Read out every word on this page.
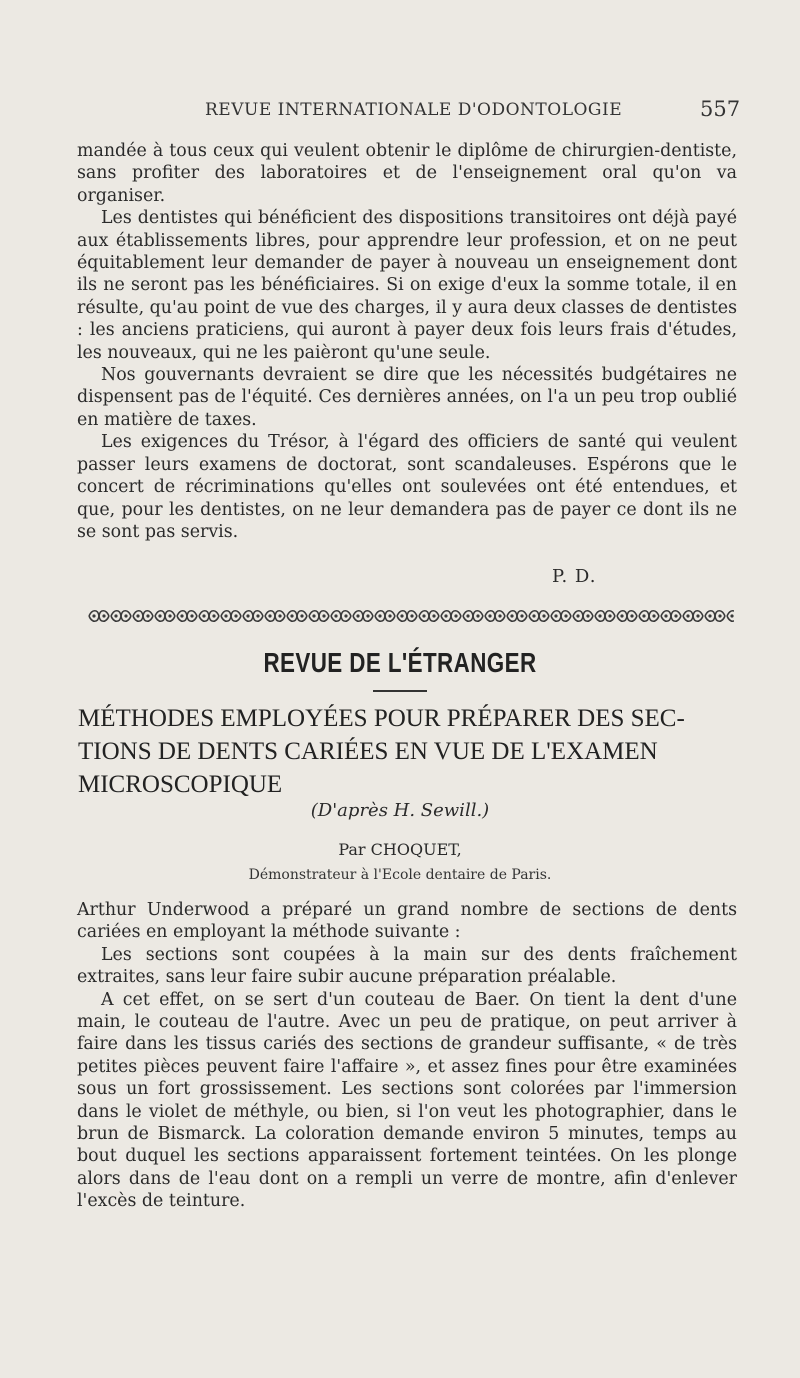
REVUE INTERNATIONALE D'ODONTOLOGIE	557

mandée à tous ceux qui veulent obtenir le diplôme de chirurgien-dentiste, sans profiter des laboratoires et de l'enseignement oral qu'on va organiser.

Les dentistes qui bénéficient des dispositions transitoires ont déjà payé aux établissements libres, pour apprendre leur profession, et on ne peut équitablement leur demander de payer à nouveau un enseignement dont ils ne seront pas les bénéficiaires. Si on exige d'eux la somme totale, il en résulte, qu'au point de vue des charges, il y aura deux classes de dentistes : les anciens praticiens, qui auront à payer deux fois leurs frais d'études, les nouveaux, qui ne les paièront qu'une seule.

Nos gouvernants devraient se dire que les nécessités budgétaires ne dispensent pas de l'équité. Ces dernières années, on l'a un peu trop oublié en matière de taxes.

Les exigences du Trésor, à l'égard des officiers de santé qui veulent passer leurs examens de doctorat, sont scandaleuses. Espérons que le concert de récriminations qu'elles ont soulevées ont été entendues, et que, pour les dentistes, on ne leur demandera pas de payer ce dont ils ne se sont pas servis.

P. D.
REVUE DE L'ÉTRANGER
MÉTHODES EMPLOYÉES POUR PRÉPARER DES SEC-
TIONS DE DENTS CARIÉES EN VUE DE L'EXAMEN
MICROSCOPIQUE
(D'après H. Sewill.)
Par CHOQUET,
Démonstrateur à l'Ecole dentaire de Paris.

Arthur Underwood a préparé un grand nombre de sections de dents cariées en employant la méthode suivante :

Les sections sont coupées à la main sur des dents fraîchement extraites, sans leur faire subir aucune préparation préalable.

A cet effet, on se sert d'un couteau de Baer. On tient la dent d'une main, le couteau de l'autre. Avec un peu de pratique, on peut arriver à faire dans les tissus cariés des sections de grandeur suffisante, « de très petites pièces peuvent faire l'affaire », et assez fines pour être examinées sous un fort grossissement. Les sections sont colorées par l'immersion dans le violet de méthyle, ou bien, si l'on veut les photographier, dans le brun de Bismarck. La coloration demande environ 5 minutes, temps au bout duquel les sections apparaissent fortement teintées. On les plonge alors dans de l'eau dont on a rempli un verre de montre, afin d'enlever l'excès de teinture.
